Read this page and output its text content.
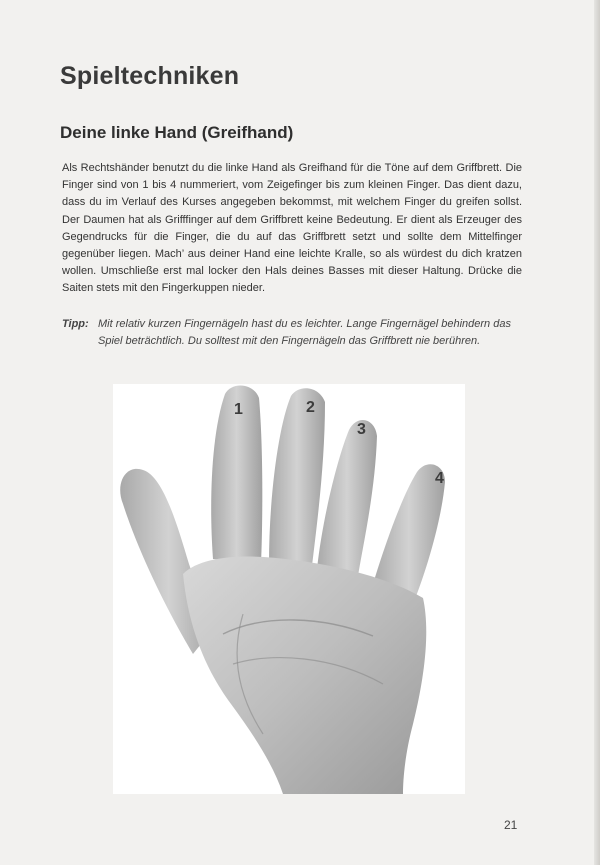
Spieltechniken
Deine linke Hand (Greifhand)

Als Rechtshänder benutzt du die linke Hand als Greifhand für die Töne auf dem Griffbrett. Die Finger sind von 1 bis 4 nummeriert, vom Zeigefinger bis zum kleinen Finger. Das dient dazu, dass du im Verlauf des Kurses angegeben bekommst, mit welchem Finger du greifen sollst. Der Daumen hat als Grifffinger auf dem Griffbrett keine Bedeutung. Er dient als Erzeuger des Gegendrucks für die Finger, die du auf das Griffbrett setzt und sollte dem Mittelfinger gegenüber liegen. Mach’ aus deiner Hand eine leichte Kralle, so als würdest du dich kratzen wollen. Umschließe erst mal locker den Hals deines Basses mit dieser Haltung. Drücke die Saiten stets mit den Fingerkuppen nieder.

Tipp: Mit relativ kurzen Fingernägeln hast du es leichter. Lange Fingernägel behindern das Spiel beträchtlich. Du solltest mit den Fingernägeln das Griffbrett nie berühren.
1	2
3
4
21
